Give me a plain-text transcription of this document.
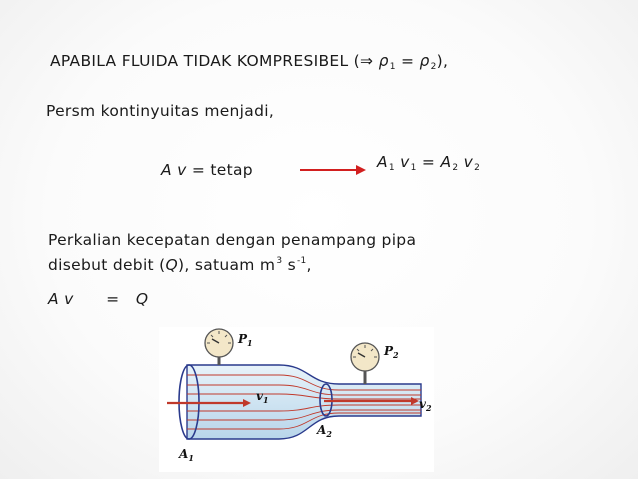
APABILA FLUIDA TIDAK KOMPRESIBEL (⇒ $\rho_1 = \rho_2$),
Persm kontinyuitas menjadi,
A v = tetap	$A_1$ $v_1 = A_2$ $v_2$
Perkalian kecepatan dengan penampang pipa
disebut debit (Q), satuam $m^3$ $s^{-1}$,
A v = Q
$P_1$
$P_2$
$v_1$	$v_2$
$A_1$
$A_2$
